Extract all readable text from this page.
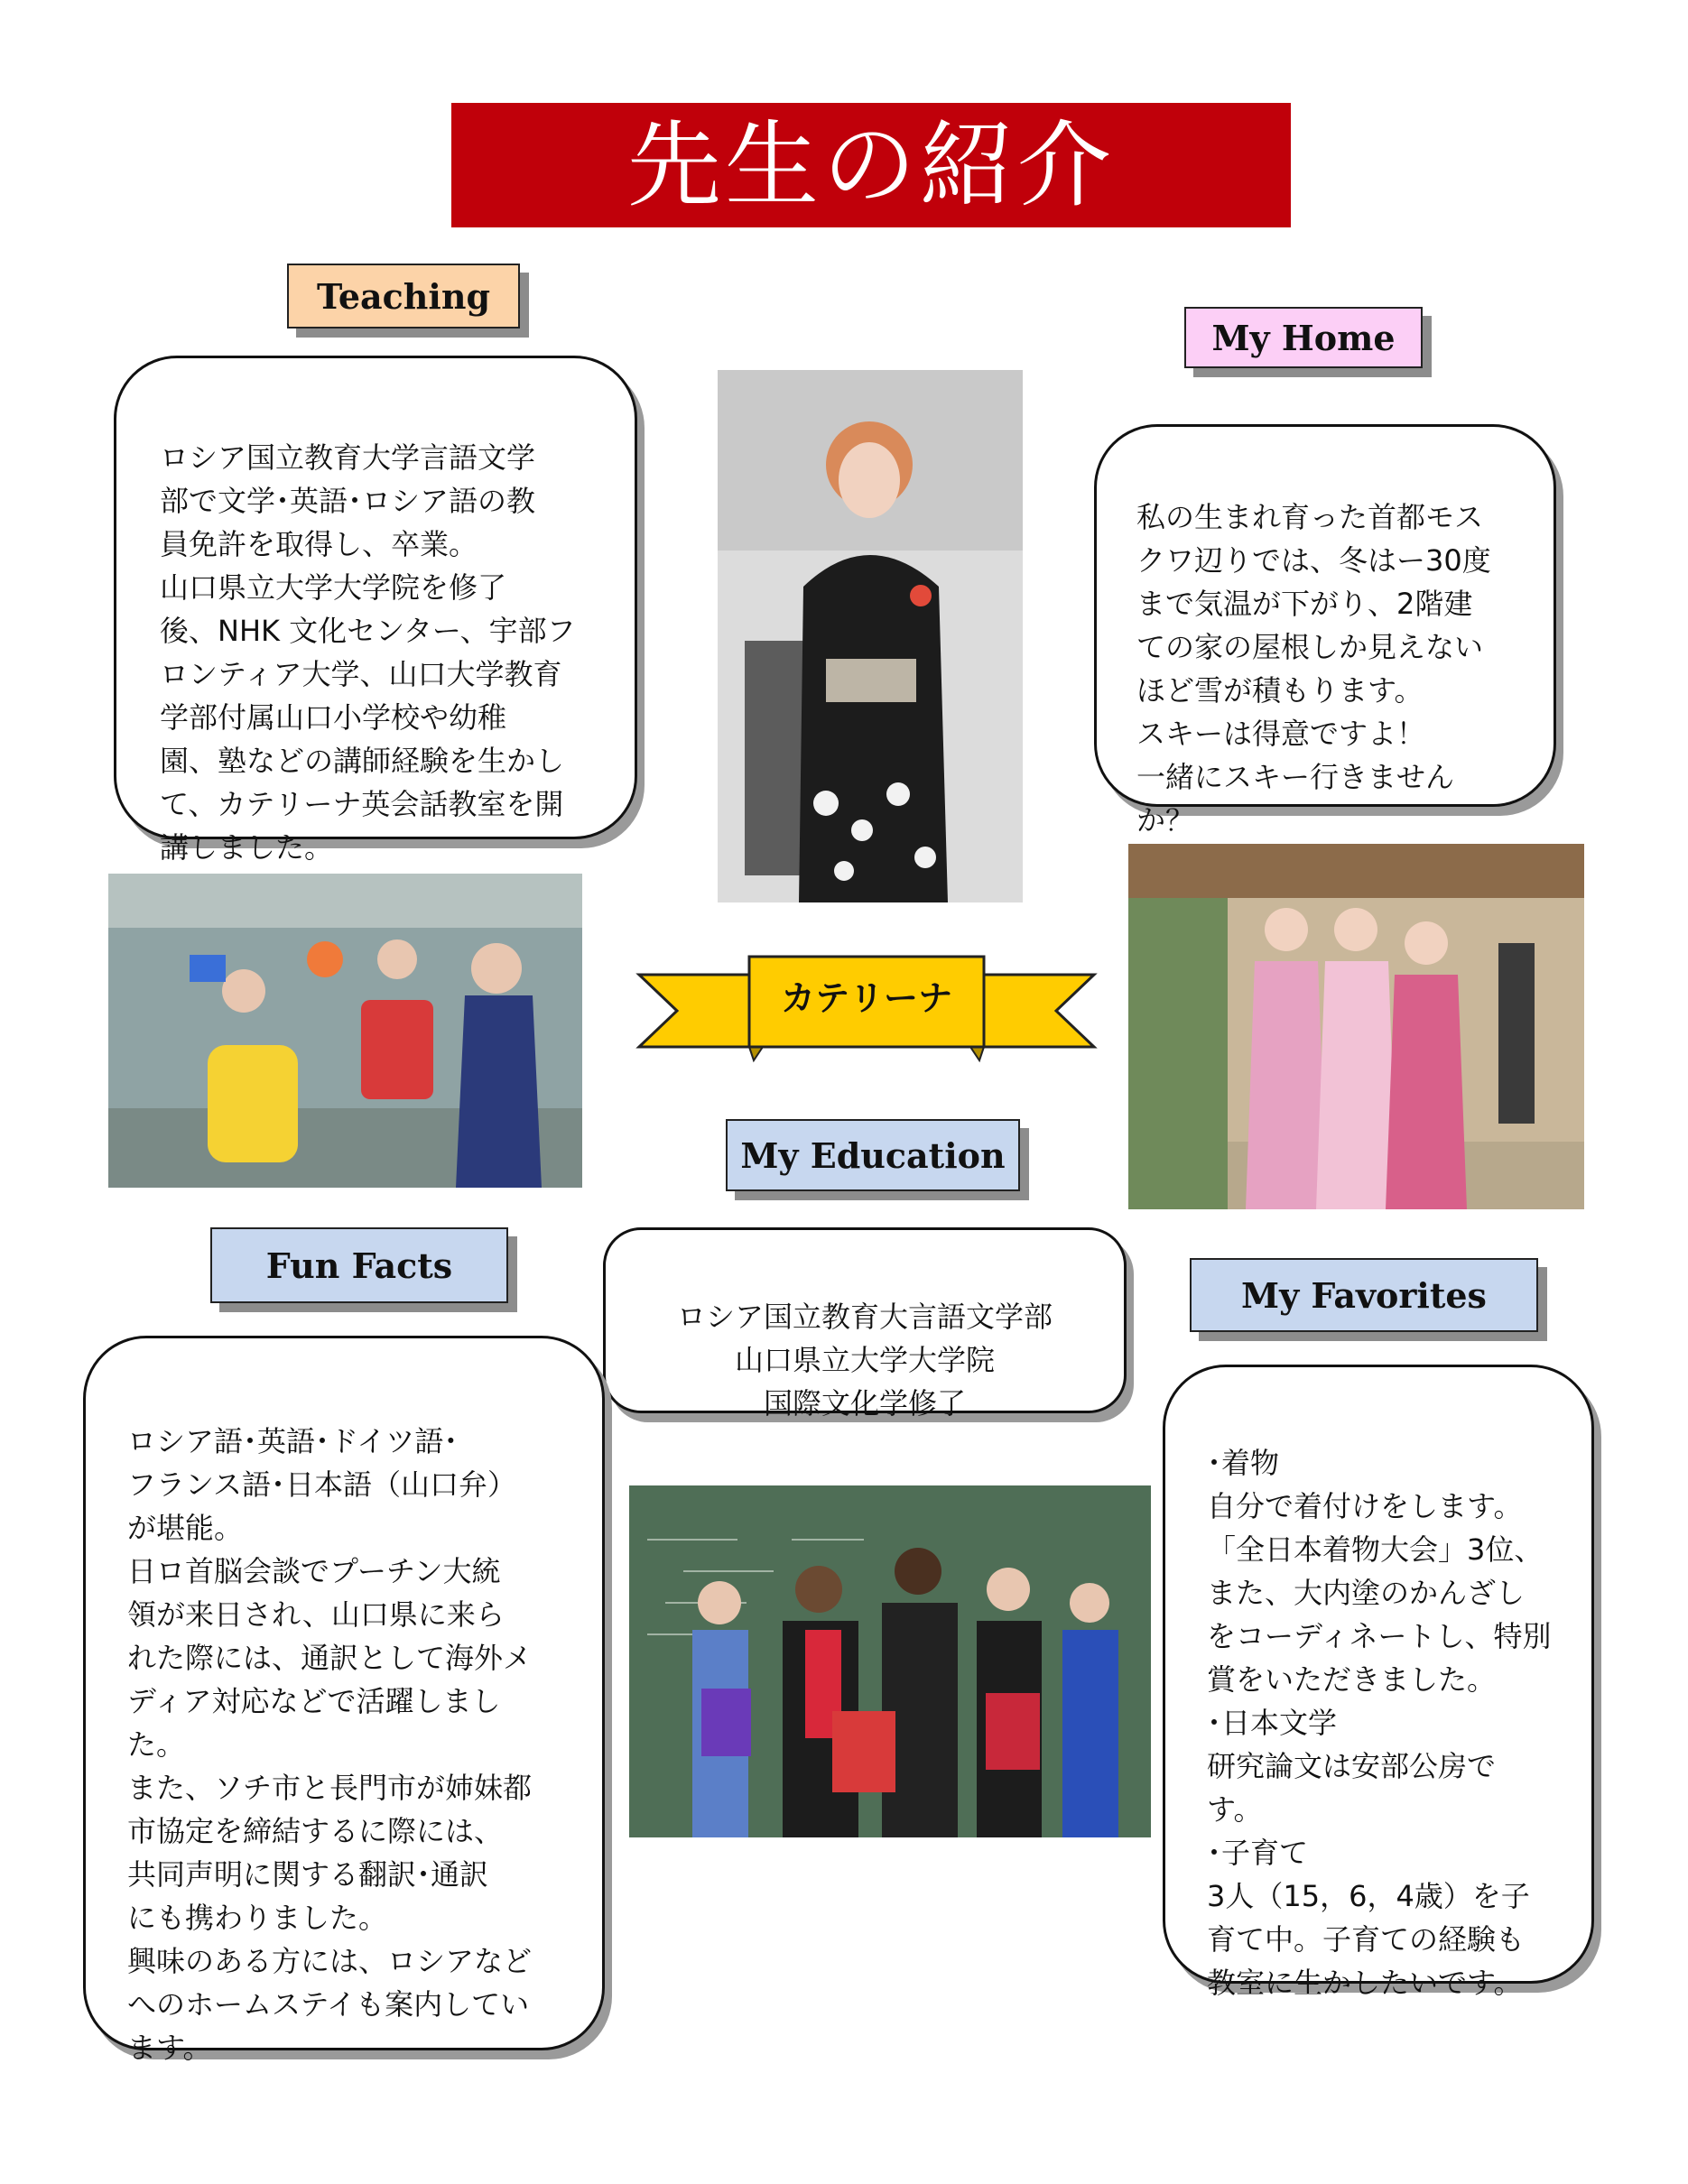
先生の紹介
Teaching

ロシア国立教育大学言語文学
部で文学･英語･ロシア語の教
員免許を取得し、卒業。
山口県立大学大学院を修了
後、NHK 文化センター、宇部フ
ロンティア大学、山口大学教育
学部付属山口小学校や幼稚
園、塾などの講師経験を生かし
て、カテリーナ英会話教室を開
講しました。

My Home

私の生まれ育った首都モス
クワ辺りでは、冬はー30度
まで気温が下がり、2階建
ての家の屋根しか見えない
ほど雪が積もります。
スキーは得意ですよ！
一緒にスキー行きません
か？

カテリーナ
My Education

ロシア国立教育大言語文学部
山口県立大学大学院
国際文化学修了

Fun Facts

ロシア語･英語･ドイツ語･
フランス語･日本語（山口弁）
が堪能。
日ロ首脳会談でプーチン大統
領が来日され、山口県に来ら
れた際には、通訳として海外メ
ディア対応などで活躍しまし
た。
また、ソチ市と長門市が姉妹都
市協定を締結するに際には、
共同声明に関する翻訳･通訳
にも携わりました。
興味のある方には、ロシアなど
へのホームステイも案内してい
ます。

My Favorites

･着物
自分で着付けをします。
「全日本着物大会」3位、
また、大内塗のかんざし
をコーディネートし、特別
賞をいただきました。
･日本文学
研究論文は安部公房で
す。
･子育て
3人（15，6，4歳）を子
育て中。子育ての経験も
教室に生かしたいです。
